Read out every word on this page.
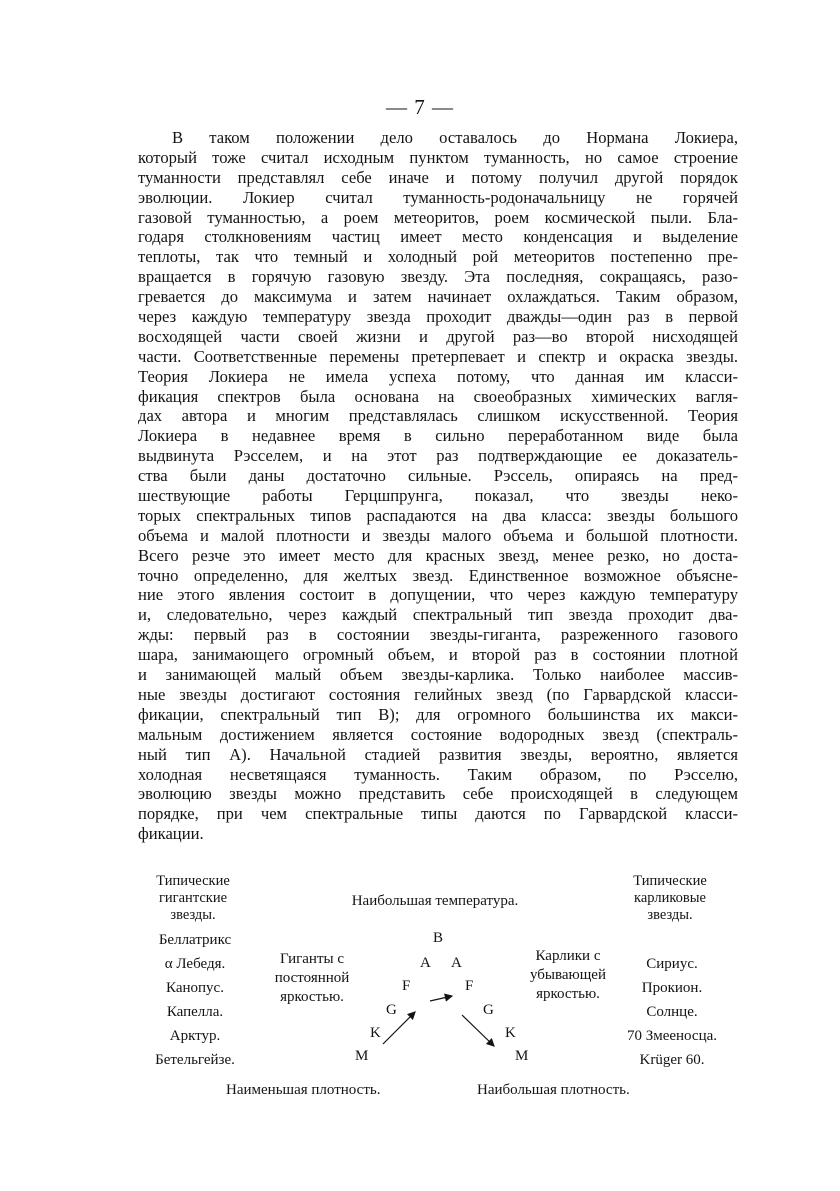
— 7 —
В таком положении дело оставалось до Нормана Локиера,
который тоже считал исходным пунктом туманность, но самое строение
туманности представлял себе иначе и потому получил другой порядок
эволюции. Локиер считал туманность-родоначальницу не горячей
газовой туманностью, а роем метеоритов, роем космической пыли. Бла-
годаря столкновениям частиц имеет место конденсация и выделение
теплоты, так что темный и холодный рой метеоритов постепенно пре-
вращается в горячую газовую звезду. Эта последняя, сокращаясь, разо-
гревается до максимума и затем начинает охлаждаться. Таким образом,
через каждую температуру звезда проходит дважды—один раз в первой
восходящей части своей жизни и другой раз—во второй нисходящей
части. Соответственные перемены претерпевает и спектр и окраска звезды.
Теория Локиера не имела успеха потому, что данная им класси-
фикация спектров была основана на своеобразных химических вагля-
дах автора и многим представлялась слишком искусственной. Теория
Локиера в недавнее время в сильно переработанном виде была
выдвинута Рэсселем, и на этот раз подтверждающие ее доказатель-
ства были даны достаточно сильные. Рэссель, опираясь на пред-
шествующие работы Герцшпрунга, показал, что звезды неко-
торых спектральных типов распадаются на два класса: звезды большого
объема и малой плотности и звезды малого объема и большой плотности.
Всего резче это имеет место для красных звезд, менее резко, но доста-
точно определенно, для желтых звезд. Единственное возможное объясне-
ние этого явления состоит в допущении, что через каждую температуру
и, следовательно, через каждый спектральный тип звезда проходит два-
жды: первый раз в состоянии звезды-гиганта, разреженного газового
шара, занимающего огромный объем, и второй раз в состоянии плотной
и занимающей малый объем звезды-карлика. Только наиболее массив-
ные звезды достигают состояния гелийных звезд (по Гарвардской класси-
фикации, спектральный тип B); для огромного большинства их макси-
мальным достижением является состояние водородных звезд (спектраль-
ный тип A). Начальной стадией развития звезды, вероятно, является
холодная несветящаяся туманность. Таким образом, по Рэсселю,
эволюцию звезды можно представить себе происходящей в следующем
порядке, при чем спектральные типы даются по Гарвардской класси-
фикации.
Типические гигантские звезды.
Наибольшая температура.
Типические карликовые звезды.
Беллатрикс
α Лебедя.
Канопус.
Капелла.
Арктур.
Бетельгейзе.
Сириус.
Прокион.
Солнце.
70 Змееносца.
Krüger 60.
Гиганты с постоянной яркостью.
Карлики с убывающей яркостью.
B
A A
F	F
G	G
K	K
M	M
Наименьшая плотность.	Наибольшая плотность.
